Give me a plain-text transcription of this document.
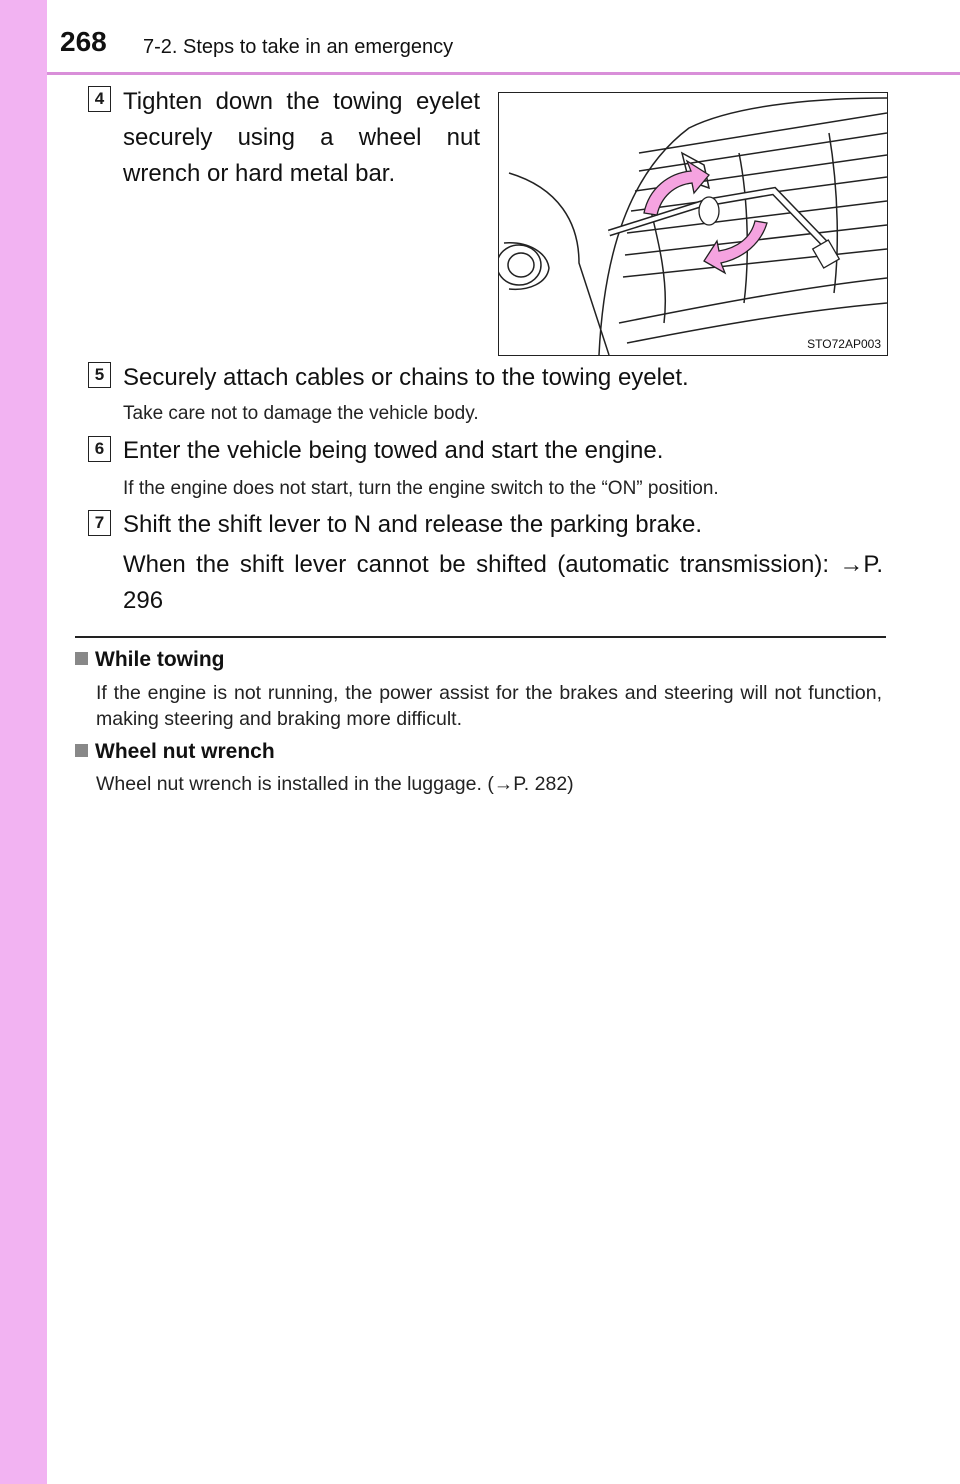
268 7-2. Steps to take in an emergency
4 Tighten down the towing eyelet securely using a wheel nut wrench or hard metal bar.
STO72AP003
5 Securely attach cables or chains to the towing eyelet.
Take care not to damage the vehicle body.
6 Enter the vehicle being towed and start the engine.
If the engine does not start, turn the engine switch to the “ON” position.
7 Shift the shift lever to N and release the parking brake.
When the shift lever cannot be shifted (automatic transmission): →P. 296
While towing
If the engine is not running, the power assist for the brakes and steering will not function, making steering and braking more difficult.
Wheel nut wrench
Wheel nut wrench is installed in the luggage. (→P. 282)
